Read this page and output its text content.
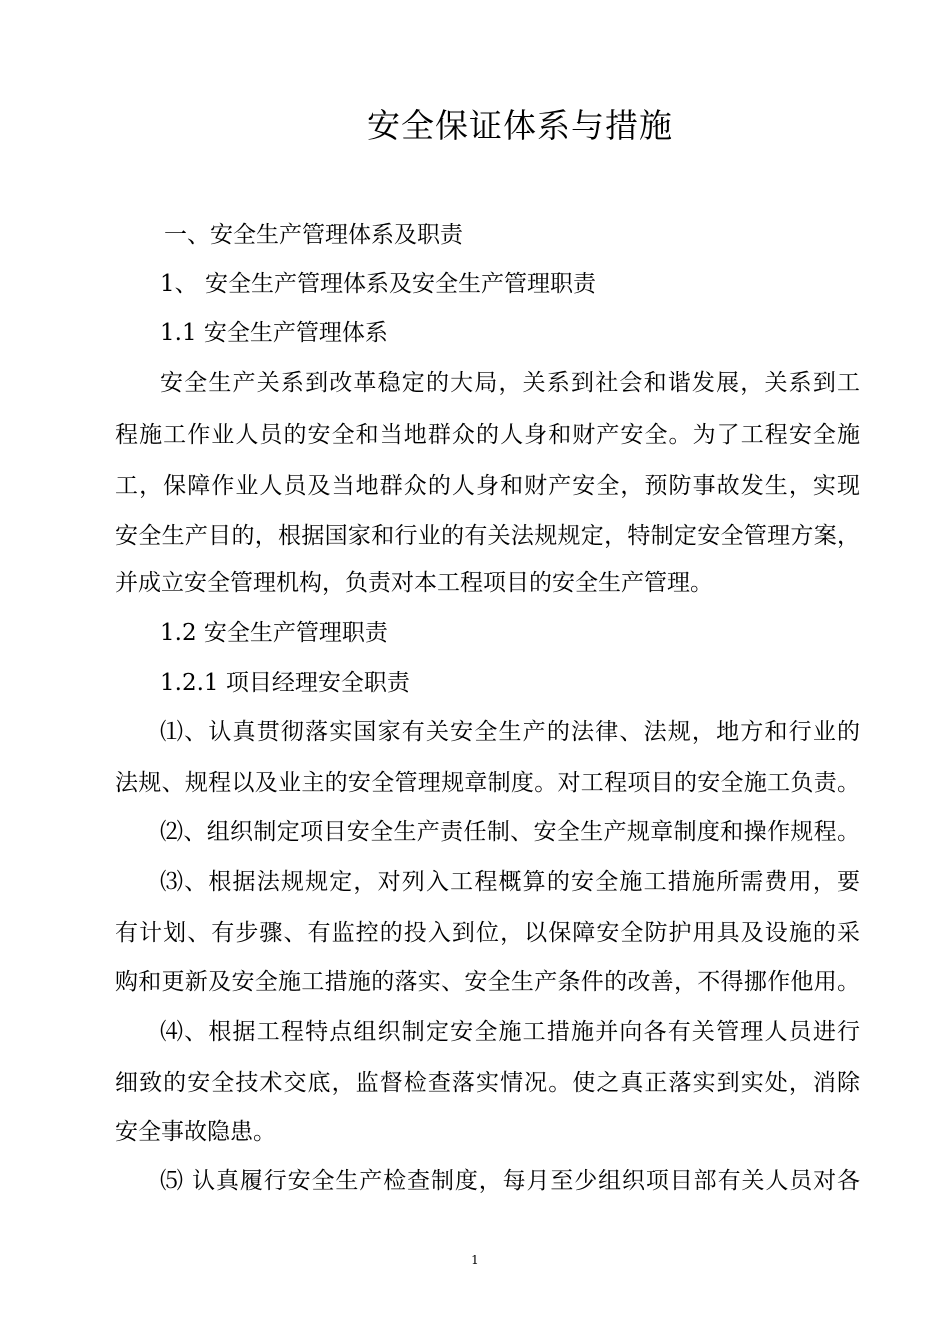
安全保证体系与措施
一、安全生产管理体系及职责
1、 安全生产管理体系及安全生产管理职责
1.1 安全生产管理体系
安全生产关系到改革稳定的大局，关系到社会和谐发展，关系到工
程施工作业人员的安全和当地群众的人身和财产安全。为了工程安全施
工，保障作业人员及当地群众的人身和财产安全，预防事故发生，实现
安全生产目的，根据国家和行业的有关法规规定，特制定安全管理方案，
并成立安全管理机构，负责对本工程项目的安全生产管理。
1.2 安全生产管理职责
1.2.1 项目经理安全职责
⑴、认真贯彻落实国家有关安全生产的法律、法规，地方和行业的
法规、规程以及业主的安全管理规章制度。对工程项目的安全施工负责。
⑵、组织制定项目安全生产责任制、安全生产规章制度和操作规程。
⑶、根据法规规定，对列入工程概算的安全施工措施所需费用，要
有计划、有步骤、有监控的投入到位，以保障安全防护用具及设施的采
购和更新及安全施工措施的落实、安全生产条件的改善，不得挪作他用。
⑷、根据工程特点组织制定安全施工措施并向各有关管理人员进行
细致的安全技术交底，监督检查落实情况。使之真正落实到实处，消除
安全事故隐患。
⑸ 认真履行安全生产检查制度，每月至少组织项目部有关人员对各
1
